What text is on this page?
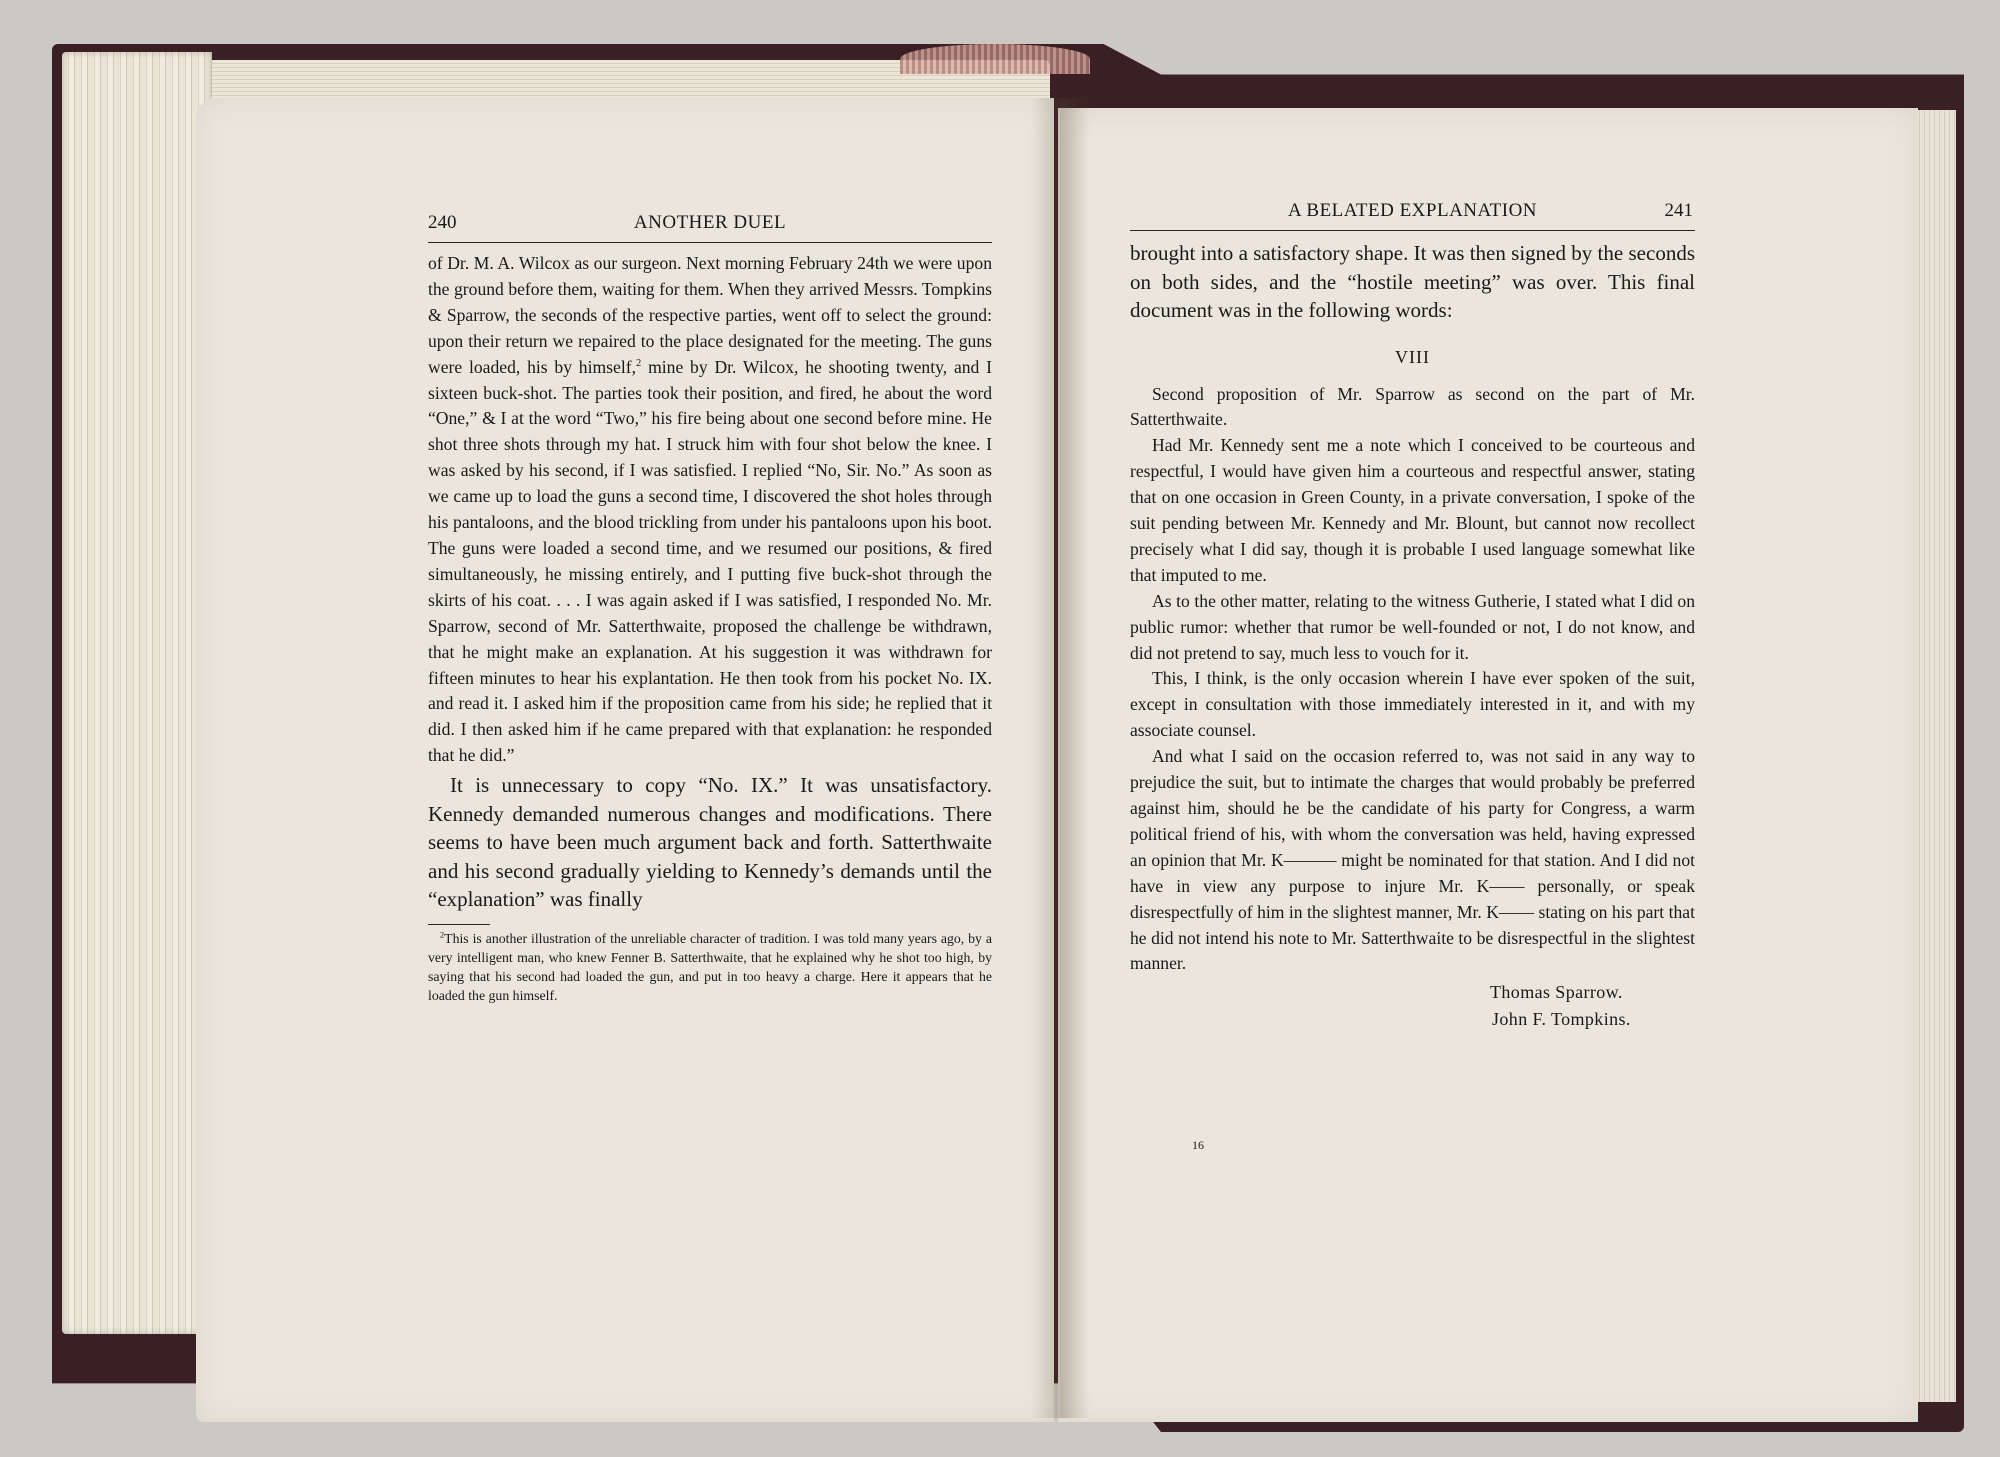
240	ANOTHER DUEL

of Dr. M. A. Wilcox as our surgeon. Next morning February 24th we were upon the ground before them, waiting for them. When they arrived Messrs. Tompkins & Sparrow, the seconds of the respective parties, went off to select the ground: upon their return we repaired to the place designated for the meeting. The guns were loaded, his by himself,$^2$ mine by Dr. Wilcox, he shooting twenty, and I sixteen buck-shot. The parties took their position, and fired, he about the word “One,” & I at the word “Two,” his fire being about one second before mine. He shot three shots through my hat. I struck him with four shot below the knee. I was asked by his second, if I was satisfied. I replied “No, Sir. No.” As soon as we came up to load the guns a second time, I discovered the shot holes through his pantaloons, and the blood trickling from under his pantaloons upon his boot. The guns were loaded a second time, and we resumed our positions, & fired simultaneously, he missing entirely, and I putting five buck-shot through the skirts of his coat. . . . I was again asked if I was satisfied, I responded No. Mr. Sparrow, second of Mr. Satterthwaite, proposed the challenge be withdrawn, that he might make an explanation. At his suggestion it was withdrawn for fifteen minutes to hear his explantation. He then took from his pocket No. IX. and read it. I asked him if the proposition came from his side; he replied that it did. I then asked him if he came prepared with that explanation: he responded that he did.”

It is unnecessary to copy “No. IX.” It was unsatisfactory. Kennedy demanded numerous changes and modifications. There seems to have been much argument back and forth. Satterthwaite and his second gradually yielding to Kennedy’s demands until the “explanation” was finally

$^2$This is another illustration of the unreliable character of tradition. I was told many years ago, by a very intelligent man, who knew Fenner B. Satterthwaite, that he explained why he shot too high, by saying that his second had loaded the gun, and put in too heavy a charge. Here it appears that he loaded the gun himself.

A BELATED EXPLANATION	241

brought into a satisfactory shape. It was then signed by the seconds on both sides, and the “hostile meeting” was over. This final document was in the following words:

VIII

Second proposition of Mr. Sparrow as second on the part of Mr. Satterthwaite.

Had Mr. Kennedy sent me a note which I conceived to be courteous and respectful, I would have given him a courteous and respectful answer, stating that on one occasion in Green County, in a private conversation, I spoke of the suit pending between Mr. Kennedy and Mr. Blount, but cannot now recollect precisely what I did say, though it is probable I used language somewhat like that imputed to me.

As to the other matter, relating to the witness Gutherie, I stated what I did on public rumor: whether that rumor be well-founded or not, I do not know, and did not pretend to say, much less to vouch for it.

This, I think, is the only occasion wherein I have ever spoken of the suit, except in consultation with those immediately interested in it, and with my associate counsel.

And what I said on the occasion referred to, was not said in any way to prejudice the suit, but to intimate the charges that would probably be preferred against him, should he be the candidate of his party for Congress, a warm political friend of his, with whom the conversation was held, having expressed an opinion that Mr. K——— might be nominated for that station. And I did not have in view any purpose to injure Mr. K—— personally, or speak disrespectfully of him in the slightest manner, Mr. K—— stating on his part that he did not intend his note to Mr. Satterthwaite to be disrespectful in the slightest manner.

Thomas Sparrow.
John F. Tompkins.
16
